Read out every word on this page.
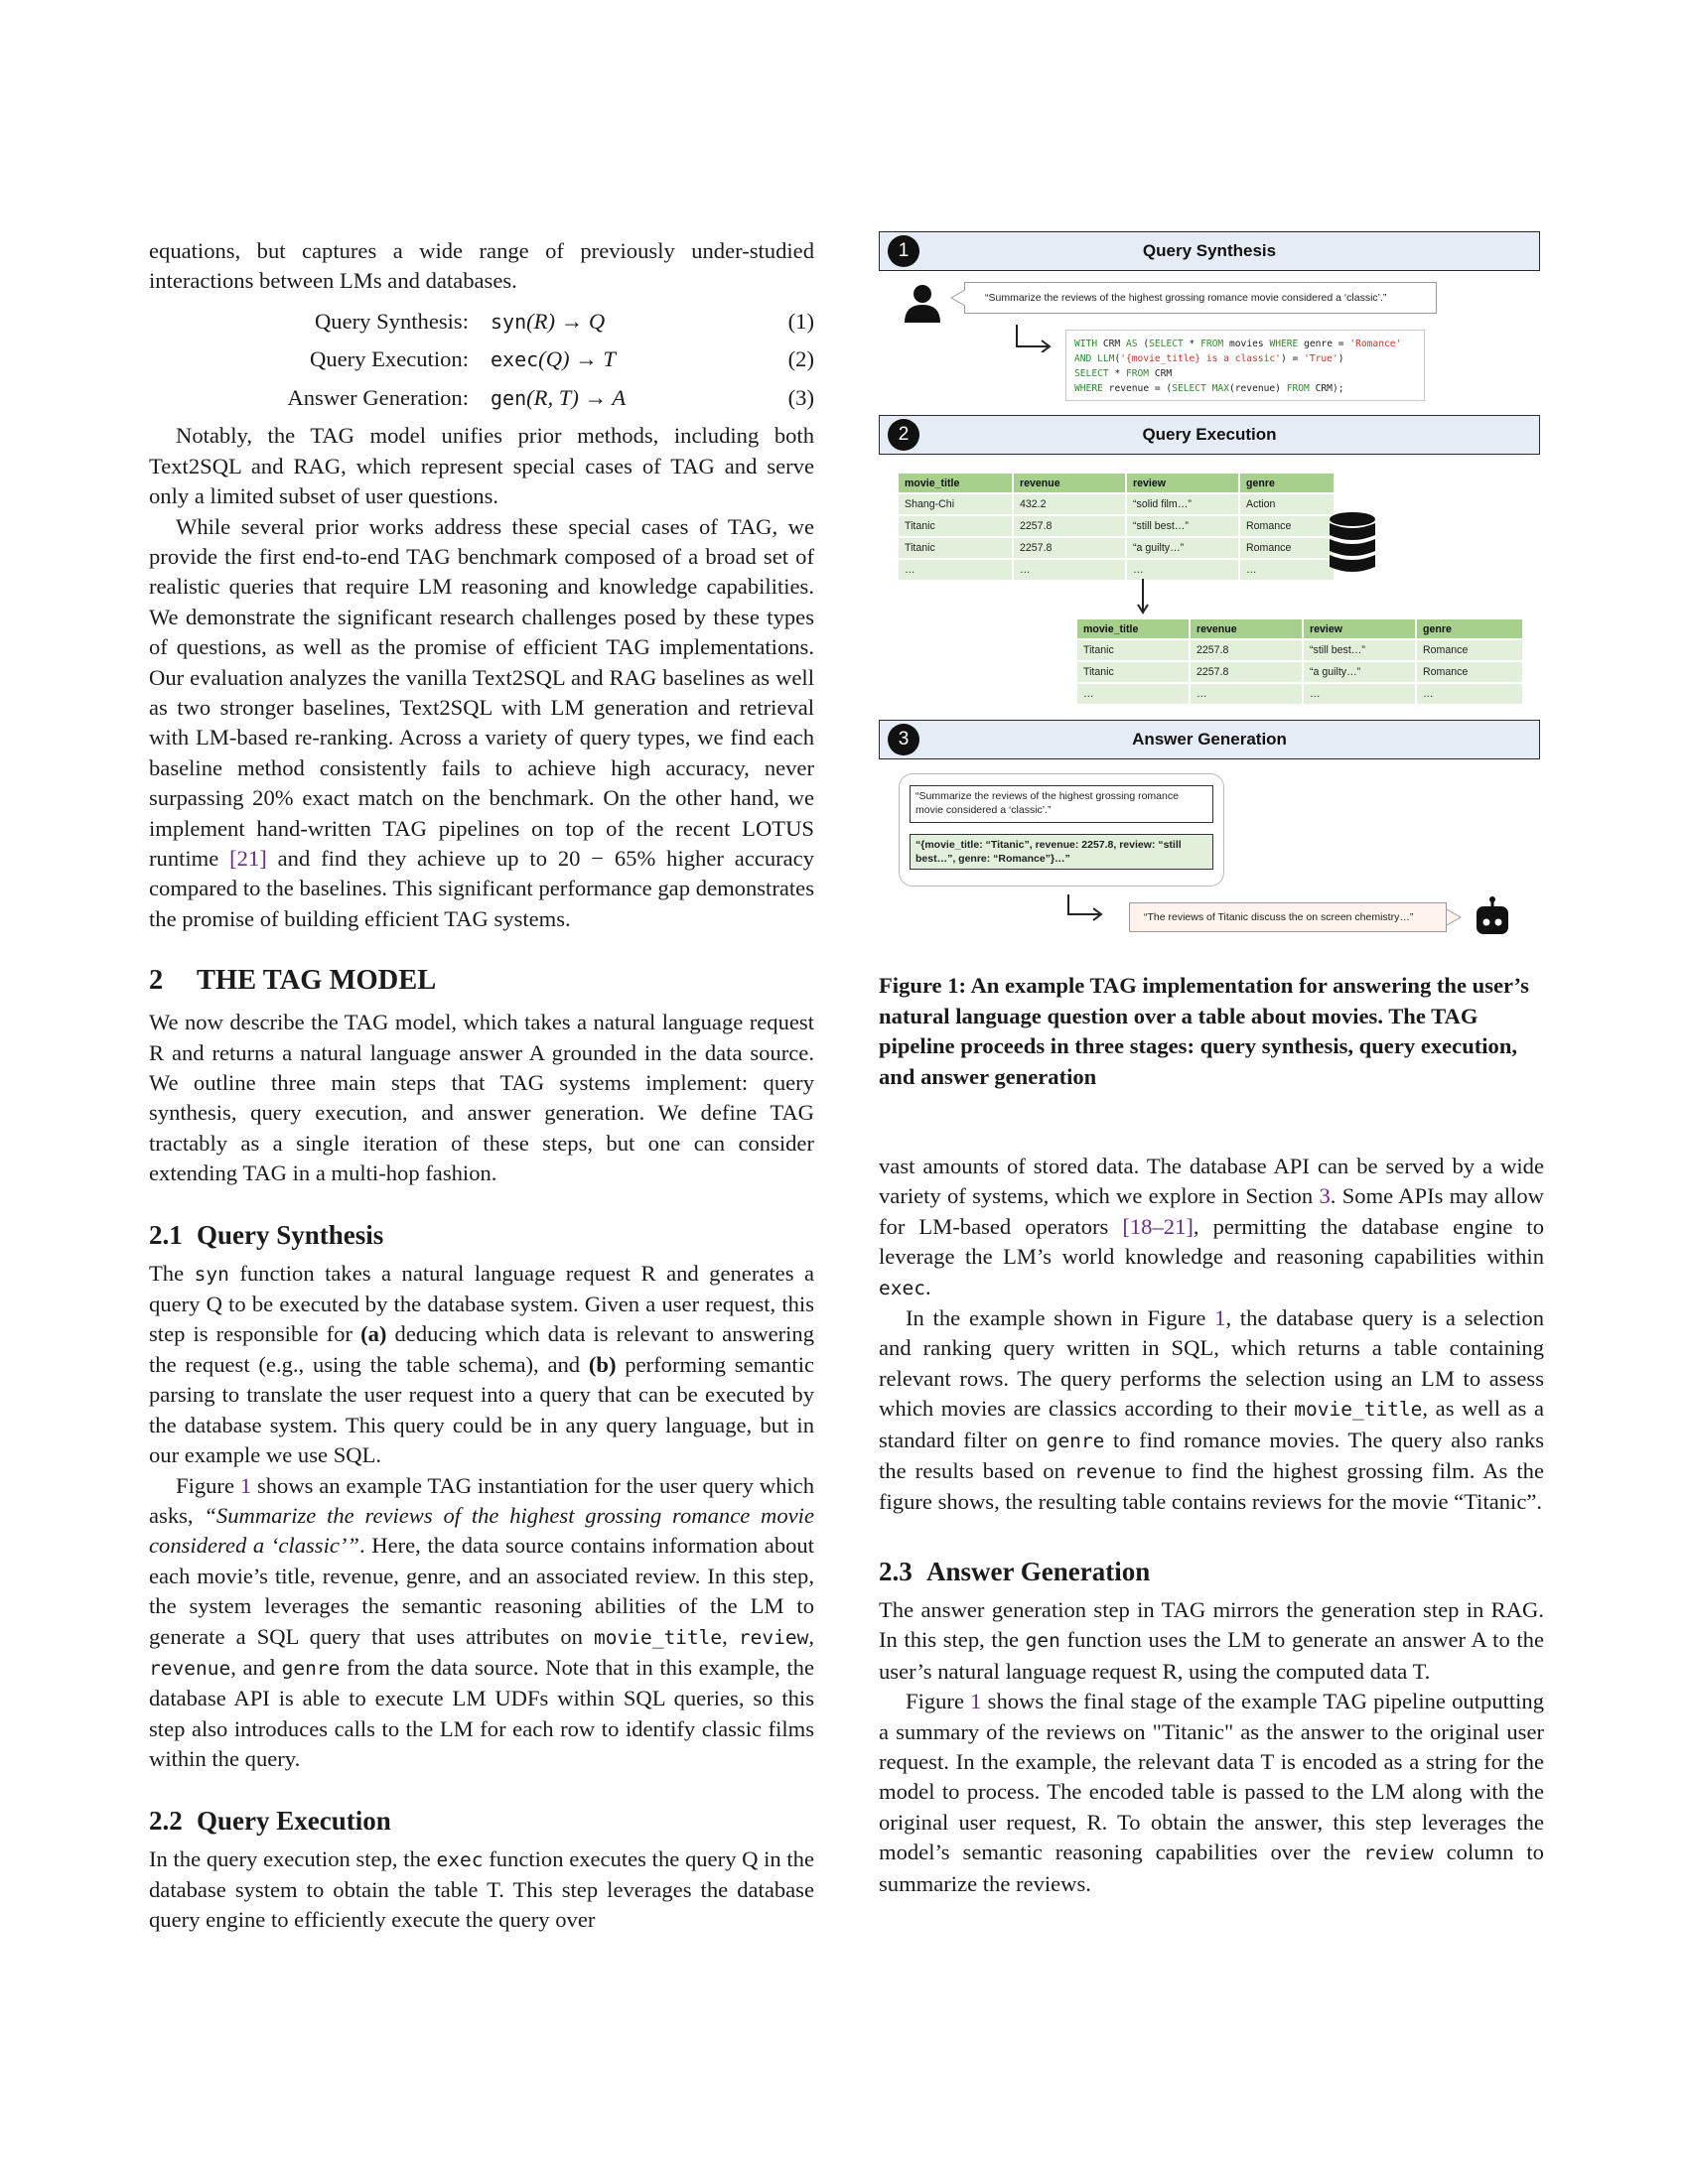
equations, but captures a wide range of previously under-studied interactions between LMs and databases.

Query Synthesis:	syn(R) → Q	(1)
Query Execution:	exec(Q) → T	(2)
Answer Generation:	gen(R, T) → A	(3)

Notably, the TAG model unifies prior methods, including both Text2SQL and RAG, which represent special cases of TAG and serve only a limited subset of user questions.

While several prior works address these special cases of TAG, we provide the first end-to-end TAG benchmark composed of a broad set of realistic queries that require LM reasoning and knowledge capabilities. We demonstrate the significant research challenges posed by these types of questions, as well as the promise of efficient TAG implementations. Our evaluation analyzes the vanilla Text2SQL and RAG baselines as well as two stronger baselines, Text2SQL with LM generation and retrieval with LM-based re-ranking. Across a variety of query types, we find each baseline method consistently fails to achieve high accuracy, never surpassing 20% exact match on the benchmark. On the other hand, we implement hand-written TAG pipelines on top of the recent LOTUS runtime [21] and find they achieve up to 20 − 65% higher accuracy compared to the baselines. This significant performance gap demonstrates the promise of building efficient TAG systems.

2 THE TAG MODEL

We now describe the TAG model, which takes a natural language request R and returns a natural language answer A grounded in the data source. We outline three main steps that TAG systems implement: query synthesis, query execution, and answer generation. We define TAG tractably as a single iteration of these steps, but one can consider extending TAG in a multi-hop fashion.

2.1 Query Synthesis

The syn function takes a natural language request R and generates a query Q to be executed by the database system. Given a user request, this step is responsible for (a) deducing which data is relevant to answering the request (e.g., using the table schema), and (b) performing semantic parsing to translate the user request into a query that can be executed by the database system. This query could be in any query language, but in our example we use SQL.

Figure 1 shows an example TAG instantiation for the user query which asks, “Summarize the reviews of the highest grossing romance movie considered a ‘classic’”. Here, the data source contains information about each movie’s title, revenue, genre, and an associated review. In this step, the system leverages the semantic reasoning abilities of the LM to generate a SQL query that uses attributes on movie_title, review, revenue, and genre from the data source. Note that in this example, the database API is able to execute LM UDFs within SQL queries, so this step also introduces calls to the LM for each row to identify classic films within the query.

2.2 Query Execution

In the query execution step, the exec function executes the query Q in the database system to obtain the table T. This step leverages the database query engine to efficiently execute the query over

1	Query Synthesis
“Summarize the reviews of the highest grossing romance movie considered a ‘classic’.”
WITH CRM AS (SELECT * FROM movies WHERE genre = 'Romance'
AND LLM('{movie_title} is a classic') = 'True')
SELECT * FROM CRM
WHERE revenue = (SELECT MAX(revenue) FROM CRM);
2	Query Execution
movie_title	revenue	review	genre
Shang-Chi	432.2	“solid film…”	Action
Titanic	2257.8	“still best…”	Romance
Titanic	2257.8	“a guilty…”	Romance
…	…	…	…
movie_title	revenue	review	genre
Titanic	2257.8	“still best…”	Romance
Titanic	2257.8	“a guilty…”	Romance
…	…	…	…
3	Answer Generation
“Summarize the reviews of the highest grossing romance movie considered a ‘classic’.”
“{movie_title: “Titanic”, revenue: 2257.8, review: “still best…”, genre: “Romance”}…”
“The reviews of Titanic discuss the on screen chemistry…”
Figure 1: An example TAG implementation for answering the user’s natural language question over a table about movies. The TAG pipeline proceeds in three stages: query synthesis, query execution, and answer generation

vast amounts of stored data. The database API can be served by a wide variety of systems, which we explore in Section 3. Some APIs may allow for LM-based operators [18–21], permitting the database engine to leverage the LM’s world knowledge and reasoning capabilities within exec.

In the example shown in Figure 1, the database query is a selection and ranking query written in SQL, which returns a table containing relevant rows. The query performs the selection using an LM to assess which movies are classics according to their movie_title, as well as a standard filter on genre to find romance movies. The query also ranks the results based on revenue to find the highest grossing film. As the figure shows, the resulting table contains reviews for the movie “Titanic”.

2.3 Answer Generation

The answer generation step in TAG mirrors the generation step in RAG. In this step, the gen function uses the LM to generate an answer A to the user’s natural language request R, using the computed data T.

Figure 1 shows the final stage of the example TAG pipeline outputting a summary of the reviews on "Titanic" as the answer to the original user request. In the example, the relevant data T is encoded as a string for the model to process. The encoded table is passed to the LM along with the original user request, R. To obtain the answer, this step leverages the model’s semantic reasoning capabilities over the review column to summarize the reviews.
